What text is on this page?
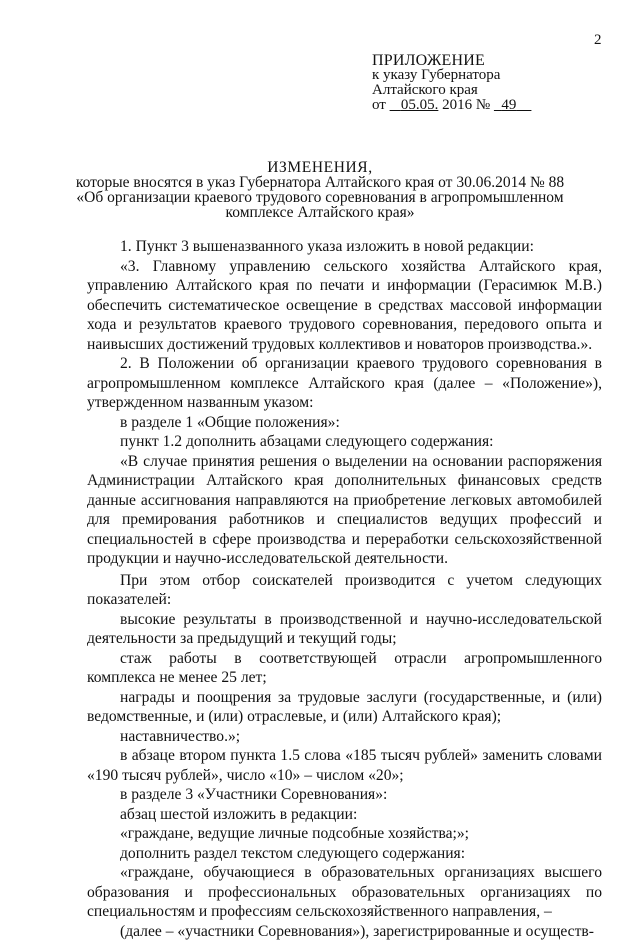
2
ПРИЛОЖЕНИЕ
к указу Губернатора
Алтайского края
от 05.05. 2016 № 49
ИЗМЕНЕНИЯ,
которые вносятся в указ Губернатора Алтайского края от 30.06.2014 № 88
«Об организации краевого трудового соревнования в агропромышленном
комплексе Алтайского края»

1. Пункт 3 вышеназванного указа изложить в новой редакции:

«3. Главному управлению сельского хозяйства Алтайского края, управлению Алтайского края по печати и информации (Герасимюк М.В.) обеспечить систематическое освещение в средствах массовой информации хода и результатов краевого трудового соревнования, передового опыта и наивысших достижений трудовых коллективов и новаторов производства.».

2. В Положении об организации краевого трудового соревнования в агропромышленном комплексе Алтайского края (далее – «Положение»), утвержденном названным указом:

в разделе 1 «Общие положения»:

пункт 1.2 дополнить абзацами следующего содержания:

«В случае принятия решения о выделении на основании распоряжения Администрации Алтайского края дополнительных финансовых средств данные ассигнования направляются на приобретение легковых автомобилей для премирования работников и специалистов ведущих профессий и специальностей в сфере производства и переработки сельскохозяйственной продукции и научно-исследовательской деятельности.

При этом отбор соискателей производится с учетом следующих показателей:

высокие результаты в производственной и научно-исследовательской деятельности за предыдущий и текущий годы;

стаж работы в соответствующей отрасли агропромышленного комплекса не менее 25 лет;

награды и поощрения за трудовые заслуги (государственные, и (или) ведомственные, и (или) отраслевые, и (или) Алтайского края);

наставничество.»;

в абзаце втором пункта 1.5 слова «185 тысяч рублей» заменить словами «190 тысяч рублей», число «10» – числом «20»;

в разделе 3 «Участники Соревнования»:

абзац шестой изложить в редакции:

«граждане, ведущие личные подсобные хозяйства;»;

дополнить раздел текстом следующего содержания:

«граждане, обучающиеся в образовательных организациях высшего образования и профессиональных образовательных организациях по специальностям и профессиям сельскохозяйственного направления, –

(далее – «участники Соревнования»), зарегистрированные и осуществ-
